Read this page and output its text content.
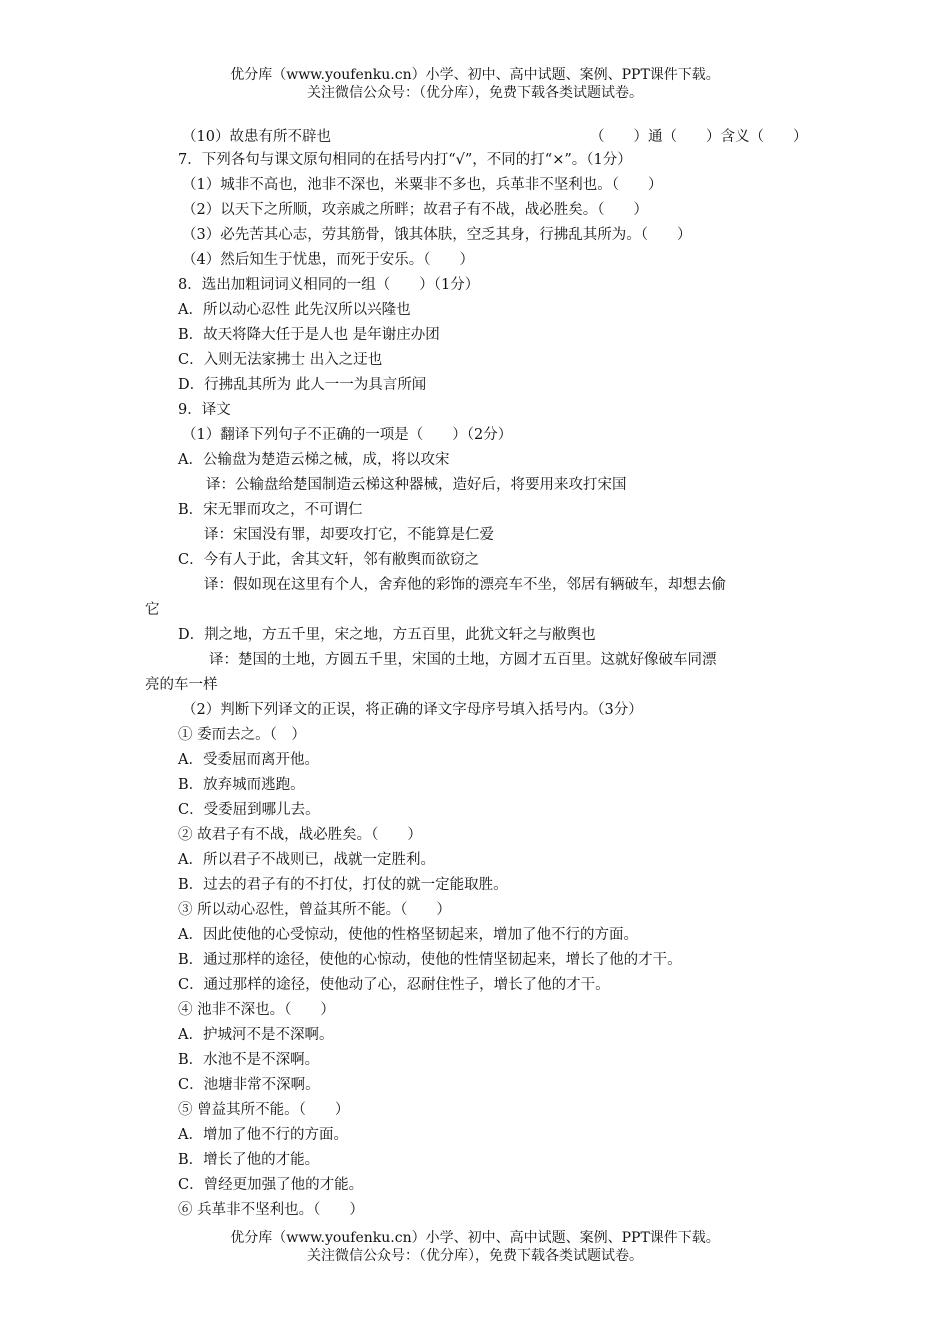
优分库（www.youfenku.cn）小学、初中、高中试题、案例、PPT课件下载。
关注微信公众号：（优分库），免费下载各类试题试卷。
（10）故患有所不辟也	（　　）通（　　）含义（　　）
7．下列各句与课文原句相同的在括号内打“√”，不同的打“×”。（1分）
（1）城非不高也，池非不深也，米粟非不多也，兵革非不坚利也。（　　）
（2）以天下之所顺，攻亲戚之所畔；故君子有不战，战必胜矣。（　　）
（3）必先苦其心志，劳其筋骨，饿其体肤，空乏其身，行拂乱其所为。（　　）
（4）然后知生于忧患，而死于安乐。（　　）
8．选出加粗词词义相同的一组（　　）（1分）
A．所以动心忍性 此先汉所以兴隆也
B．故天将降大任于是人也 是年谢庄办团
C．入则无法家拂士 出入之迂也
D．行拂乱其所为 此人一一为具言所闻
9．译文
（1）翻译下列句子不正确的一项是（　　）（2分）
A．公输盘为楚造云梯之械，成，将以攻宋
译：公输盘给楚国制造云梯这种器械，造好后，将要用来攻打宋国
B．宋无罪而攻之，不可谓仁
译：宋国没有罪，却要攻打它，不能算是仁爱
C．今有人于此，舍其文轩，邻有敝舆而欲窃之
译：假如现在这里有个人，舍弃他的彩饰的漂亮车不坐，邻居有辆破车，却想去偷
它
D．荆之地，方五千里，宋之地，方五百里，此犹文轩之与敝舆也
译：楚国的土地，方圆五千里，宋国的土地，方圆才五百里。这就好像破车同漂
亮的车一样
（2）判断下列译文的正误，将正确的译文字母序号填入括号内。（3分）
① 委而去之。（　）
A．受委屈而离开他。
B．放弃城而逃跑。
C．受委屈到哪儿去。
② 故君子有不战，战必胜矣。（　　）
A．所以君子不战则已，战就一定胜利。
B．过去的君子有的不打仗，打仗的就一定能取胜。
③ 所以动心忍性，曾益其所不能。（　　）
A．因此使他的心受惊动，使他的性格坚韧起来，增加了他不行的方面。
B．通过那样的途径，使他的心惊动，使他的性情坚韧起来，增长了他的才干。
C．通过那样的途径，使他动了心，忍耐住性子，增长了他的才干。
④ 池非不深也。（　　）
A．护城河不是不深啊。
B．水池不是不深啊。
C．池塘非常不深啊。
⑤ 曾益其所不能。（　　）
A．增加了他不行的方面。
B．增长了他的才能。
C．曾经更加强了他的才能。
⑥ 兵革非不坚利也。（　　）
优分库（www.youfenku.cn）小学、初中、高中试题、案例、PPT课件下载。
关注微信公众号：（优分库），免费下载各类试题试卷。
